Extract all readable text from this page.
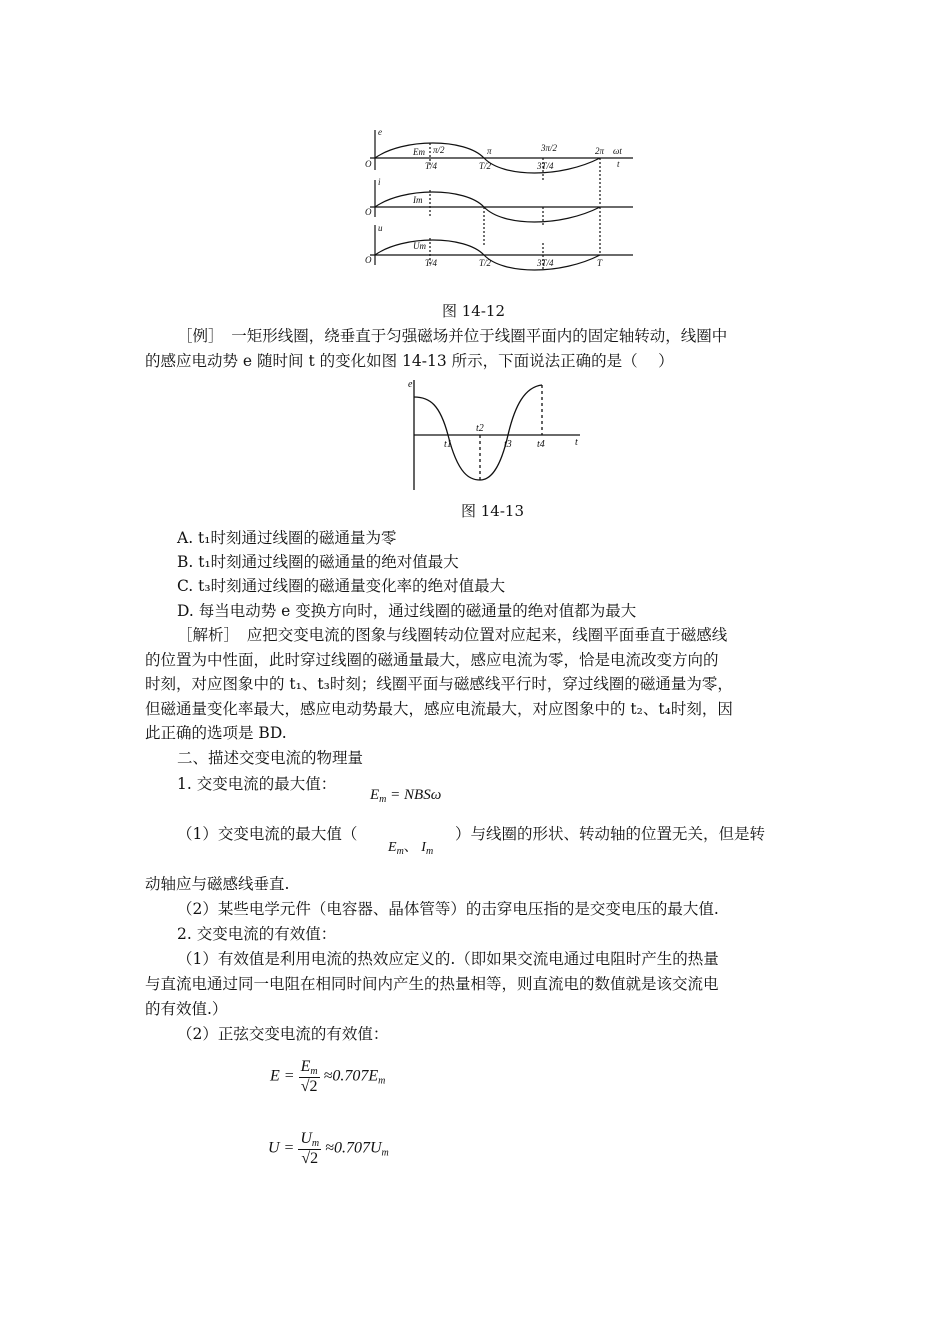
e
i
u
Em
Im
Um
O
O
O
π/2	π	3π/2	2π ωt
T/4	T/2	3T/4	t
T/4	T/2	3T/4	T
图 14-12
［例］　一矩形线圈，绕垂直于匀强磁场并位于线圈平面内的固定轴转动，线圈中
的感应电动势 e 随时间 t 的变化如图 14-13 所示，下面说法正确的是（　 ）
e
t
t1
t2
t3	t4
图 14-13
A. t₁时刻通过线圈的磁通量为零
B. t₁时刻通过线圈的磁通量的绝对值最大
C. t₃时刻通过线圈的磁通量变化率的绝对值最大
D. 每当电动势 e 变换方向时，通过线圈的磁通量的绝对值都为最大
［解析］　应把交变电流的图象与线圈转动位置对应起来，线圈平面垂直于磁感线
的位置为中性面，此时穿过线圈的磁通量最大，感应电流为零，恰是电流改变方向的
时刻，对应图象中的 t₁、t₃时刻；线圈平面与磁感线平行时，穿过线圈的磁通量为零，
但磁通量变化率最大，感应电动势最大，感应电流最大，对应图象中的 t₂、t₄时刻，因
此正确的选项是 BD.
二、描述交变电流的物理量
1. 交变电流的最大值：
$E_m = NBS\omega$
（1）交变电流的最大值（
$E_m$、 $I_m$
）与线圈的形状、转动轴的位置无关，但是转
动轴应与磁感线垂直.
（2）某些电学元件（电容器、晶体管等）的击穿电压指的是交变电压的最大值.
2. 交变电流的有效值：
（1）有效值是利用电流的热效应定义的.（即如果交流电通过电阻时产生的热量
与直流电通过同一电阻在相同时间内产生的热量相等，则直流电的数值就是该交流电
的有效值.）
（2）正弦交变电流的有效值：
$E = \frac{E_m}{√2} \approx 0.707E_m$
$U = \frac{U_m}{√2} \approx 0.707U_m$
